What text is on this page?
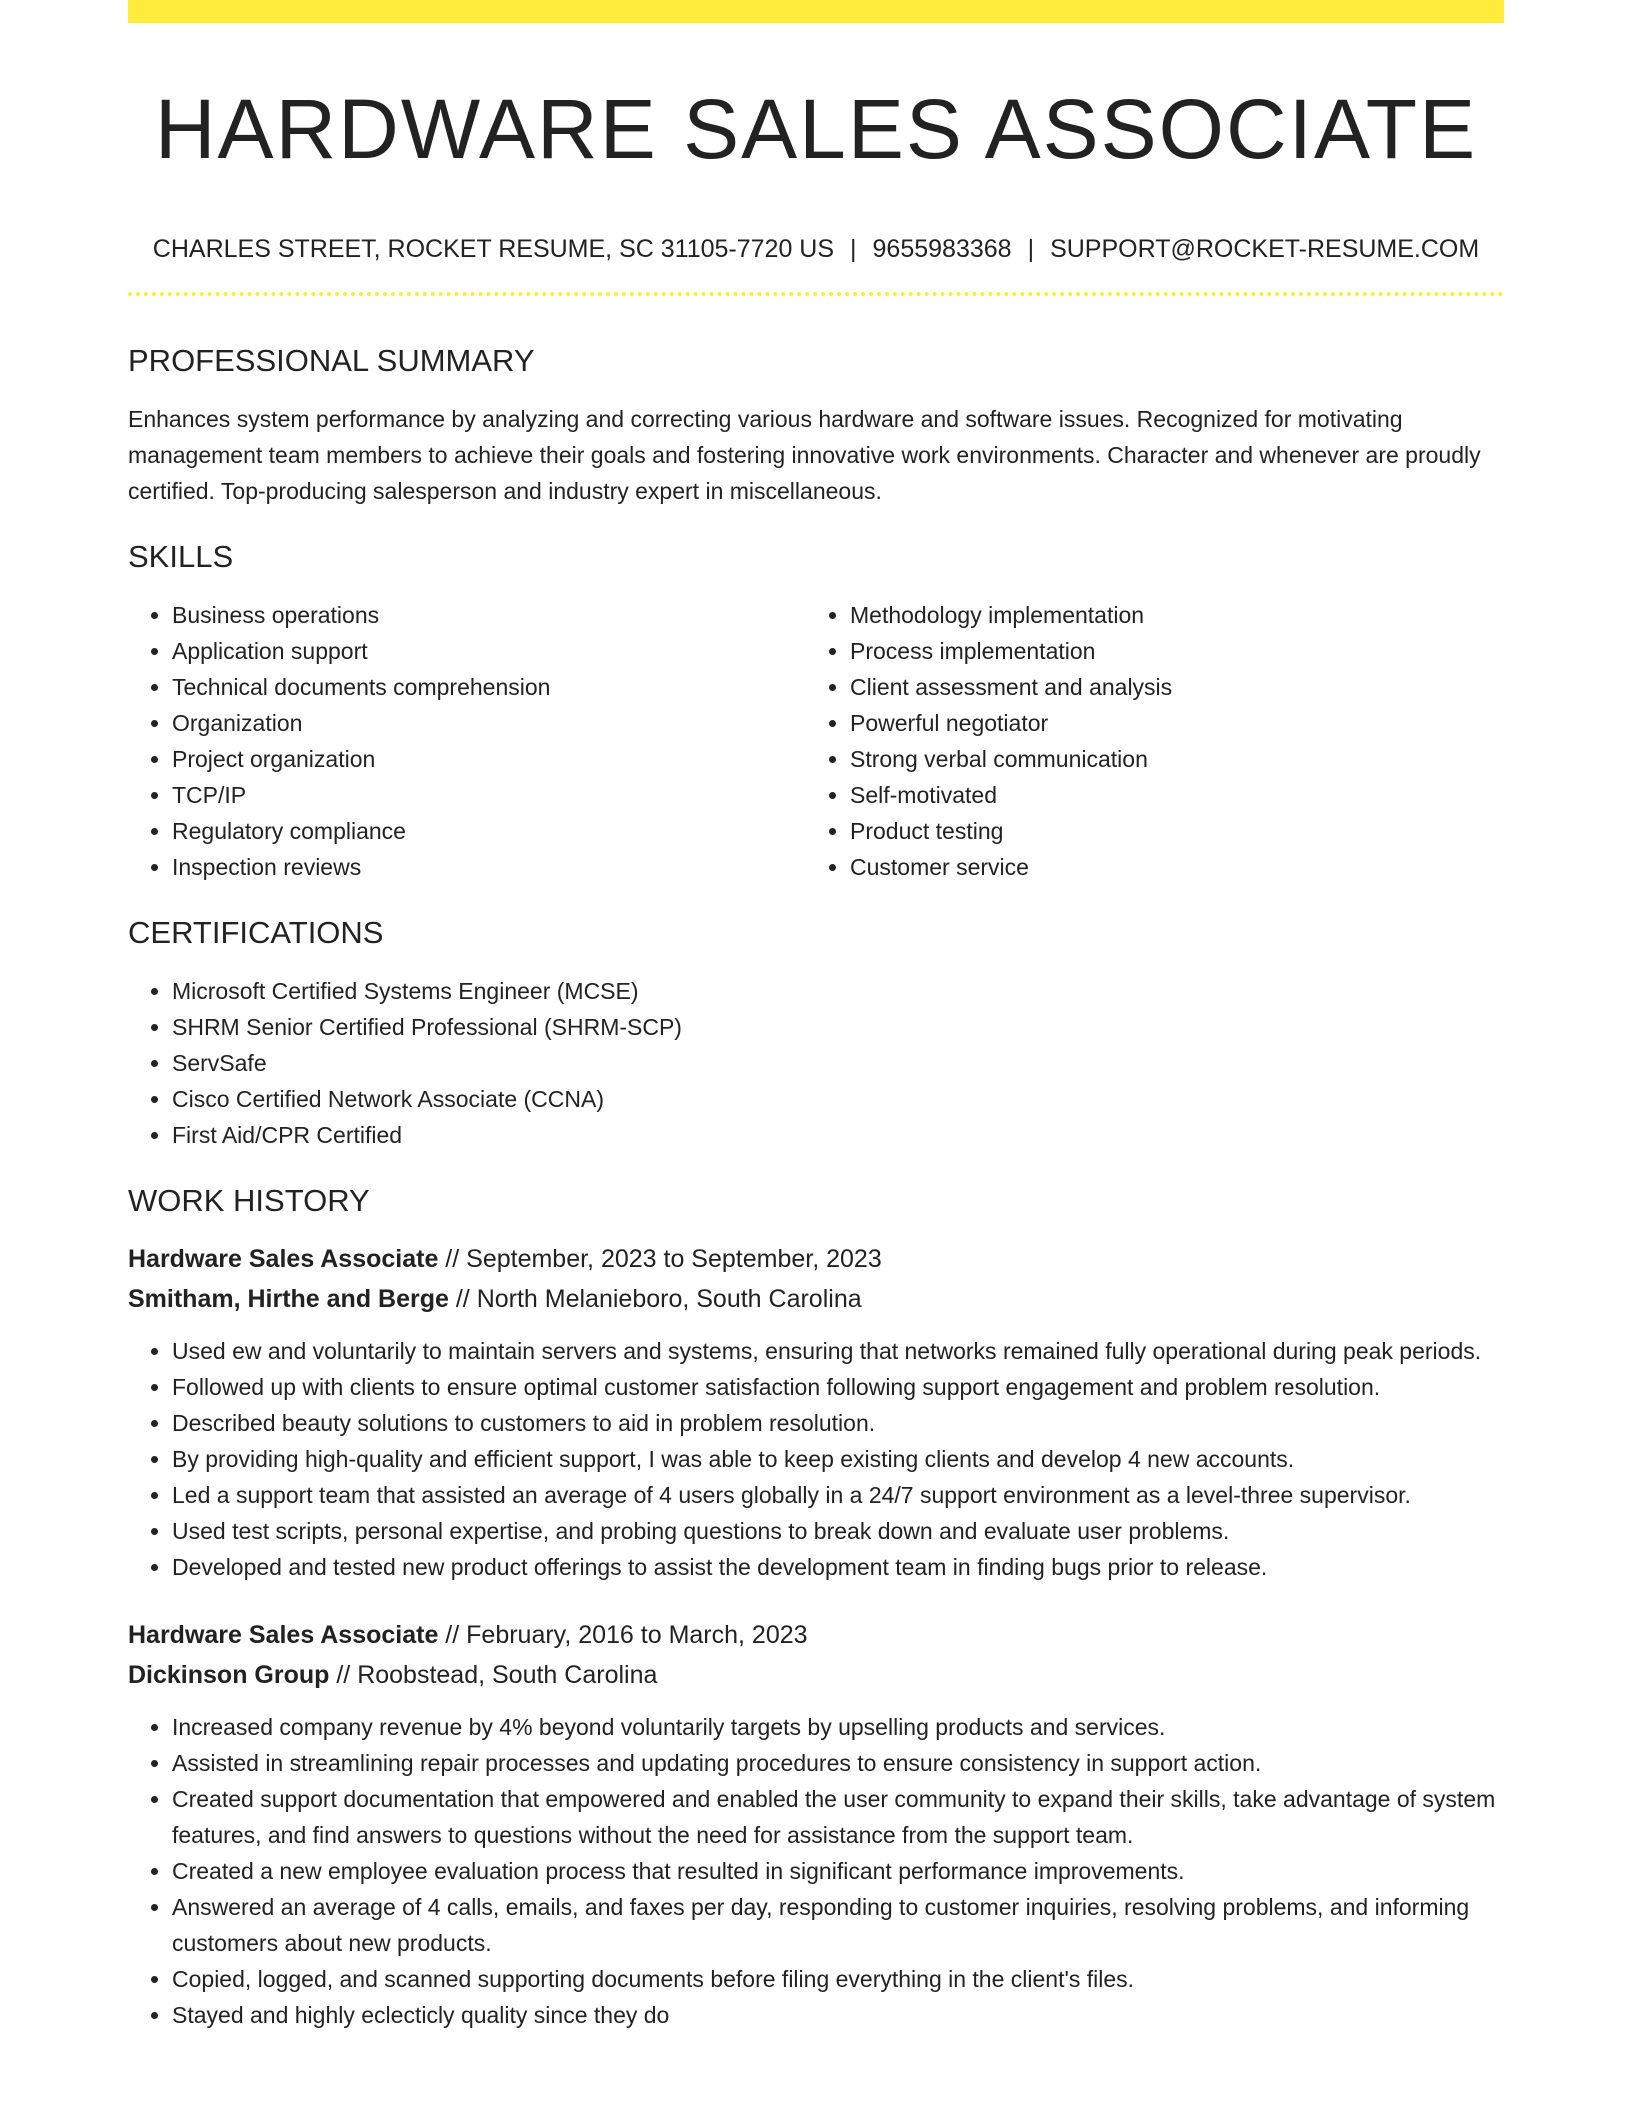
HARDWARE SALES ASSOCIATE
CHARLES STREET, ROCKET RESUME, SC 31105-7720 US | 9655983368 | SUPPORT@ROCKET-RESUME.COM
PROFESSIONAL SUMMARY

Enhances system performance by analyzing and correcting various hardware and software issues. Recognized for motivating management team members to achieve their goals and fostering innovative work environments. Character and whenever are proudly certified. Top-producing salesperson and industry expert in miscellaneous.

SKILLS
• Business operations
• Application support
• Technical documents comprehension
• Organization
• Project organization
• TCP/IP
• Regulatory compliance
• Inspection reviews
• Methodology implementation
• Process implementation
• Client assessment and analysis
• Powerful negotiator
• Strong verbal communication
• Self-motivated
• Product testing
• Customer service
CERTIFICATIONS
• Microsoft Certified Systems Engineer (MCSE)
• SHRM Senior Certified Professional (SHRM-SCP)
• ServSafe
• Cisco Certified Network Associate (CCNA)
• First Aid/CPR Certified
WORK HISTORY
Hardware Sales Associate // September, 2023 to September, 2023
Smitham, Hirthe and Berge // North Melanieboro, South Carolina
• Used ew and voluntarily to maintain servers and systems, ensuring that networks remained fully operational during peak periods.
• Followed up with clients to ensure optimal customer satisfaction following support engagement and problem resolution.
• Described beauty solutions to customers to aid in problem resolution.
• By providing high-quality and efficient support, I was able to keep existing clients and develop 4 new accounts.
• Led a support team that assisted an average of 4 users globally in a 24/7 support environment as a level-three supervisor.
• Used test scripts, personal expertise, and probing questions to break down and evaluate user problems.
• Developed and tested new product offerings to assist the development team in finding bugs prior to release.
Hardware Sales Associate // February, 2016 to March, 2023
Dickinson Group // Roobstead, South Carolina
• Increased company revenue by 4% beyond voluntarily targets by upselling products and services.
• Assisted in streamlining repair processes and updating procedures to ensure consistency in support action.
• Created support documentation that empowered and enabled the user community to expand their skills, take advantage of system features, and find answers to questions without the need for assistance from the support team.
• Created a new employee evaluation process that resulted in significant performance improvements.
• Answered an average of 4 calls, emails, and faxes per day, responding to customer inquiries, resolving problems, and informing customers about new products.
• Copied, logged, and scanned supporting documents before filing everything in the client's files.
• Stayed and highly eclecticly quality since they do
